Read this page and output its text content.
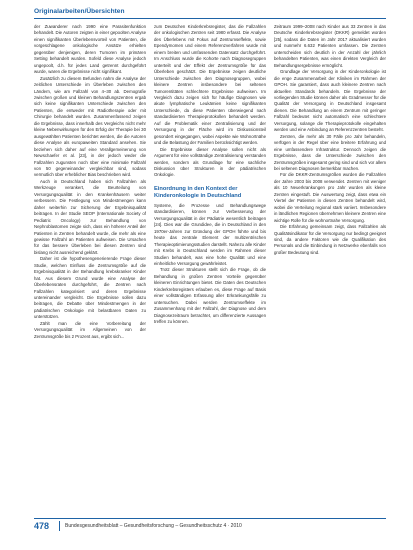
Originalarbeiten/Übersichten

der Zuwanderer nach 1990 eine Parasitenfunktion behandelt. Die Autoren zeigten in einer gepoolten Analyse einen signifikanten Überlebensvorteil von Patienten, die vorgeschlagene onkologische Ansätze erhielten gegenüber denjenigen, deren Tumoren im primären Setting behandelt wurden. Sofeld diese Analyse jedoch ungepoolt, d.h. für jedes Land getrennt durchgeführt wurde, waren die Ergebnisse nicht signifikant.

Zusätzlich zu diesem Befunden nahm die Analyse der zeitlichen Unterschiede im Überleben zwischen den Ländern, wie am Fallzahl von 4–30 ab. Demografie zwischen großen und kleinen Behandlungszentren ergab sich keine signifikanten Unterschiede zwischen den Patienten, die entweder mit Radiotherapie oder mit Chirurgie behandelt wurden. Zusammenfassend zeigen die Ergebnisse, dass innerhalb des Vergleichs nicht mehr kleine Nebenwirkungen für den Erfolg der Therapie bei 30 ausgewählten Patienten berichtet werden, die die Autoren diese Analyse als europaweiten Standard ansehen. Sie beziehen sich daher auf eine Verallgemeinerung von Newschaefer et al. [23], in der jedoch weder die Fallzahlen zugunsten noch über eine minimale Fallzahl von 50 gegeneinander vergleichbar sind, sodass vermutlich über erheblicher Bias beschrieben wird.

Auch in Deutschland haben sich Fallzahlen als Werkzeuge verankert, die Beurteilung von Versorgungsqualität in den Krankenhäusern weiter verbessern. Die Festlegung von Mindestmengen kann daher weiterhin zur Sicherung der Ergebnisqualität beitragen. In der Studie SEOP (Internationale Society of Pediatric Oncology) zur Behandlung von Nephroblastomen zeigte sich, dass ein höherer Anteil der Patienten in Zentren behandelt wurde, die mehr als eine gewisse Fallzahl an Patienten aufweisen. Die Ursachen für das bessere Überleben bei diesen Zentren sind bislang nicht ausreichend geklärt.

Daher ist die hypothesengenerierende Frage dieser Studie, welchen Einfluss die Zentrumsgröße auf die Ergebnisqualität in der Behandlung krebskranker Kinder hat. Aus diesem Grund wurde eine Analyse der Überlebensraten durchgeführt, die Zentren nach Fallzahlen kategorisiert und deren Ergebnisse untereinander vergleicht. Die Ergebnisse sollen dazu beitragen, die Debatte über Mindestmengen in der pädiatrischen Onkologie mit belastbaren Daten zu unterstützen.

Zählt man die eine Vorbereitung der Versorgungsqualität im Allgemeinen von der Zentrumsgröße bis 2 Prozent aus, ergibt sich...

zum Deutschen Kinderkrebsregister, das die Fallzahlen der onkologischen Zentren seit 1980 erfasst. Die Analyse des Überlebens mit Fokus auf Zentrumseffekte, sowie Ependymomen und einem Referenzverfahren wurde mit einem breiten und umfassenden Datensatz durchgeführt. Im Anschluss wurde die Kohorte nach Diagnosegruppen unterteilt und der Effekt der Zentrumsgröße für das Überleben geschätzt. Die Ergebnisse zeigen deutliche Unterschiede zwischen den Diagnosegruppen, wobei kleinere Zentren insbesondere bei seltenen Tumorentitäten schlechtere Ergebnisse aufweisen. Im Vergleich dazu zeigen sich für häufige Diagnosen wie akute lymphatische Leukämien keine signifikanten Unterschiede, da diese Patienten überwiegend nach standardisierten Therapieprotokollen behandelt werden. Auf die Problematik einer Zentralisierung und der Versorgung in der Fläche wird im Diskussionsteil gesondert eingegangen, wobei Aspekte wie Wohnortnähe und die Belastung der Familien berücksichtigt werden.

Die Ergebnisse dieser Analyse sollen nicht als Argument für eine vollständige Zentralisierung verstanden werden, sondern als Grundlage für eine sachliche Diskussion über Strukturen in der pädiatrischen Onkologie.

Einordnung in den Kontext der Kinderonkologie in Deutschland

Systeme, die Prozesse und Behandlungswege standardisieren, können zur Verbesserung der Versorgungsqualität in der Pädiatrie wesentlich beitragen [24]. Dies war die Grundidee, die in Deutschland in den 1970er-Jahren zur Gründung der GPOH führte und bis heute das zentrale Element der multizentrischen Therapieoptimierungsstudien darstellt. Nahezu alle Kinder mit Krebs in Deutschland werden im Rahmen dieser Studien behandelt, was eine hohe Qualität und eine einheitliche Versorgung gewährleistet.

Trotz dieser Strukturen stellt sich die Frage, ob die Behandlung in großen Zentren Vorteile gegenüber kleineren Einrichtungen bietet. Die Daten des Deutschen Kinderkrebsregisters erlauben es, diese Frage auf Basis einer vollständigen Erfassung aller Erkrankungsfälle zu untersuchen. Dabei werden Zentrumseffekte im Zusammenhang mit der Fallzahl, der Diagnose und dem Diagnosezeitraum betrachtet, um differenzierte Aussagen treffen zu können.

Zeitraum 1999–2008 nach Kinder aus 33 Zentren in das Deutsche Kinderkrebsregister (DKKR) gemeldet worden [25], sodass die Daten im Jahr 2017 aktualisiert wurden und nunmehr 6.632 Patienten umfassen. Die Zentren unterscheiden sich deutlich in der Anzahl der jährlich behandelten Patienten, was einen direkten Vergleich der Behandlungsergebnisse ermöglicht.

Grundlage der Versorgung in der Kinderonkologie ist die enge Zusammenarbeit der Kliniken im Rahmen der GPOH. Sie garantiert, dass auch kleinere Zentren nach aktuellen Standards behandeln. Die Ergebnisse der vorliegenden Studie können daher als Gradmesser für die Qualität der Versorgung in Deutschland insgesamt dienen. Die Behandlung an einem Zentrum mit geringer Fallzahl bedeutet nicht automatisch eine schlechtere Versorgung, solange die Therapieprotokolle eingehalten werden und eine Anbindung an Referenzzentren besteht.

Zentren, die mehr als 30 Fälle pro Jahr behandeln, verfügen in der Regel über eine breitere Erfahrung und eine umfassendere Infrastruktur. Dennoch zeigen die Ergebnisse, dass die Unterschiede zwischen den Zentrumsgrößen insgesamt gering sind und sich vor allem bei seltenen Diagnosen bemerkbar machen.

Für die DKKR-Zentrumsgrößen wurden die Fallzahlen der Jahre 2003 bis 2008 verwendet. Zentren mit weniger als 10 Neuerkrankungen pro Jahr wurden als kleine Zentren eingestuft. Die Auswertung zeigt, dass etwa ein Viertel der Patienten in diesen Zentren behandelt wird, wobei die Verteilung regional stark variiert. Insbesondere in ländlichen Regionen übernehmen kleinere Zentren eine wichtige Rolle für die wohnortnahe Versorgung.

Die Erfahrung gemeinsam zeigt, dass Fallzahlen als Qualitätsindikator für die Versorgung nur bedingt geeignet sind, da andere Faktoren wie die Qualifikation des Personals und die Einbindung in Netzwerke ebenfalls von großer Bedeutung sind.

478	Bundesgesundheitsblatt – Gesundheitsforschung – Gesundheitsschutz 4 · 2010
